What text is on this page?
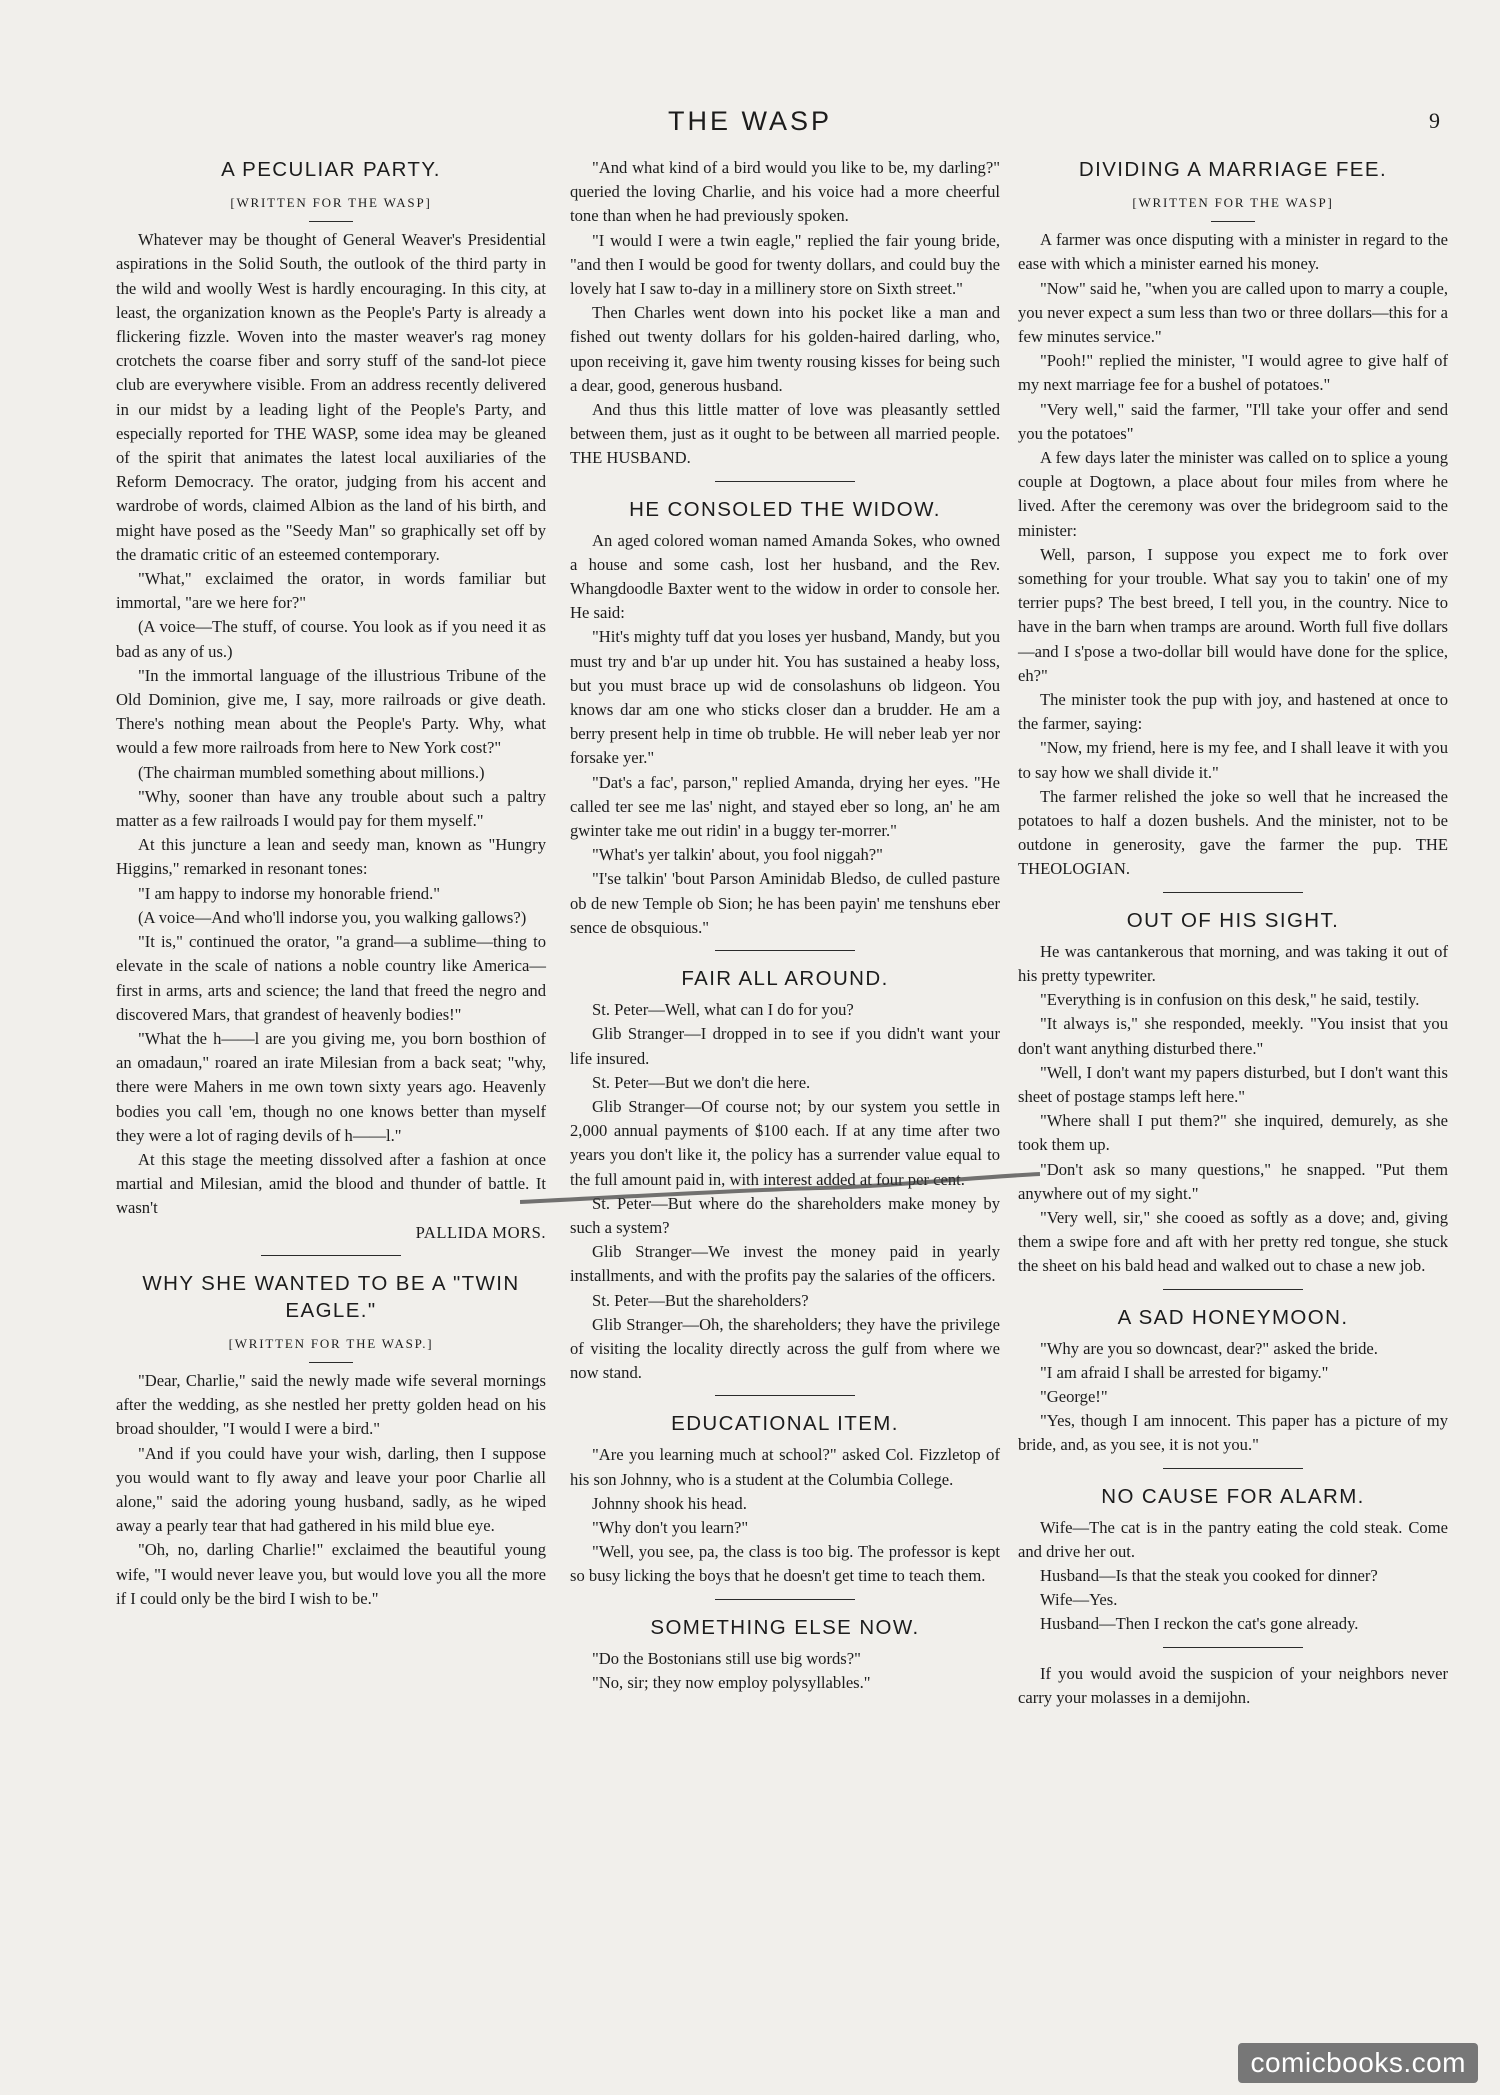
THE WASP	9
A PECULIAR PARTY.
[WRITTEN FOR THE WASP]

Whatever may be thought of General Weaver's Presidential aspirations in the Solid South, the outlook of the third party in the wild and woolly West is hardly encouraging. In this city, at least, the organization known as the People's Party is already a flickering fizzle. Woven into the master weaver's rag money crotchets the coarse fiber and sorry stuff of the sand-lot piece club are everywhere visible. From an address recently delivered in our midst by a leading light of the People's Party, and especially reported for THE WASP, some idea may be gleaned of the spirit that animates the latest local auxiliaries of the Reform Democracy. The orator, judging from his accent and wardrobe of words, claimed Albion as the land of his birth, and might have posed as the "Seedy Man" so graphically set off by the dramatic critic of an esteemed contemporary.

"What," exclaimed the orator, in words familiar but immortal, "are we here for?"

(A voice—The stuff, of course. You look as if you need it as bad as any of us.)

"In the immortal language of the illustrious Tribune of the Old Dominion, give me, I say, more railroads or give death. There's nothing mean about the People's Party. Why, what would a few more railroads from here to New York cost?"

(The chairman mumbled something about millions.)

"Why, sooner than have any trouble about such a paltry matter as a few railroads I would pay for them myself."

At this juncture a lean and seedy man, known as "Hungry Higgins," remarked in resonant tones:

"I am happy to indorse my honorable friend."

(A voice—And who'll indorse you, you walking gallows?)

"It is," continued the orator, "a grand—a sublime—thing to elevate in the scale of nations a noble country like America—first in arms, arts and science; the land that freed the negro and discovered Mars, that grandest of heavenly bodies!"

"What the h——l are you giving me, you born bosthion of an omadaun," roared an irate Milesian from a back seat; "why, there were Mahers in me own town sixty years ago. Heavenly bodies you call 'em, though no one knows better than myself they were a lot of raging devils of h——l."

At this stage the meeting dissolved after a fashion at once martial and Milesian, amid the blood and thunder of battle. It wasn't

PALLIDA MORS.

WHY SHE WANTED TO BE A "TWIN EAGLE."
[WRITTEN FOR THE WASP.]

"Dear, Charlie," said the newly made wife several mornings after the wedding, as she nestled her pretty golden head on his broad shoulder, "I would I were a bird."

"And if you could have your wish, darling, then I suppose you would want to fly away and leave your poor Charlie all alone," said the adoring young husband, sadly, as he wiped away a pearly tear that had gathered in his mild blue eye.

"Oh, no, darling Charlie!" exclaimed the beautiful young wife, "I would never leave you, but would love you all the more if I could only be the bird I wish to be."

"And what kind of a bird would you like to be, my darling?" queried the loving Charlie, and his voice had a more cheerful tone than when he had previously spoken.

"I would I were a twin eagle," replied the fair young bride, "and then I would be good for twenty dollars, and could buy the lovely hat I saw to-day in a millinery store on Sixth street."

Then Charles went down into his pocket like a man and fished out twenty dollars for his golden-haired darling, who, upon receiving it, gave him twenty rousing kisses for being such a dear, good, generous husband.

And thus this little matter of love was pleasantly settled between them, just as it ought to be between all married people. THE HUSBAND.

HE CONSOLED THE WIDOW.

An aged colored woman named Amanda Sokes, who owned a house and some cash, lost her husband, and the Rev. Whangdoodle Baxter went to the widow in order to console her. He said:

"Hit's mighty tuff dat you loses yer husband, Mandy, but you must try and b'ar up under hit. You has sustained a heaby loss, but you must brace up wid de consolashuns ob lidgeon. You knows dar am one who sticks closer dan a brudder. He am a berry present help in time ob trubble. He will neber leab yer nor forsake yer."

"Dat's a fac', parson," replied Amanda, drying her eyes. "He called ter see me las' night, and stayed eber so long, an' he am gwinter take me out ridin' in a buggy ter-morrer."

"What's yer talkin' about, you fool niggah?"

"I'se talkin' 'bout Parson Aminidab Bledso, de culled pasture ob de new Temple ob Sion; he has been payin' me tenshuns eber sence de obsquious."

FAIR ALL AROUND.

St. Peter—Well, what can I do for you?

Glib Stranger—I dropped in to see if you didn't want your life insured.

St. Peter—But we don't die here.

Glib Stranger—Of course not; by our system you settle in 2,000 annual payments of $100 each. If at any time after two years you don't like it, the policy has a surrender value equal to the full amount paid in, with interest added at four per cent.

St. Peter—But where do the shareholders make money by such a system?

Glib Stranger—We invest the money paid in yearly installments, and with the profits pay the salaries of the officers.

St. Peter—But the shareholders?

Glib Stranger—Oh, the shareholders; they have the privilege of visiting the locality directly across the gulf from where we now stand.

EDUCATIONAL ITEM.

"Are you learning much at school?" asked Col. Fizzletop of his son Johnny, who is a student at the Columbia College.

Johnny shook his head.

"Why don't you learn?"

"Well, you see, pa, the class is too big. The professor is kept so busy licking the boys that he doesn't get time to teach them.

SOMETHING ELSE NOW.

"Do the Bostonians still use big words?"

"No, sir; they now employ polysyllables."

DIVIDING A MARRIAGE FEE.
[WRITTEN FOR THE WASP]

A farmer was once disputing with a minister in regard to the ease with which a minister earned his money.

"Now" said he, "when you are called upon to marry a couple, you never expect a sum less than two or three dollars—this for a few minutes service."

"Pooh!" replied the minister, "I would agree to give half of my next marriage fee for a bushel of potatoes."

"Very well," said the farmer, "I'll take your offer and send you the potatoes"

A few days later the minister was called on to splice a young couple at Dogtown, a place about four miles from where he lived. After the ceremony was over the bridegroom said to the minister:

Well, parson, I suppose you expect me to fork over something for your trouble. What say you to takin' one of my terrier pups? The best breed, I tell you, in the country. Nice to have in the barn when tramps are around. Worth full five dollars—and I s'pose a two-dollar bill would have done for the splice, eh?"

The minister took the pup with joy, and hastened at once to the farmer, saying:

"Now, my friend, here is my fee, and I shall leave it with you to say how we shall divide it."

The farmer relished the joke so well that he increased the potatoes to half a dozen bushels. And the minister, not to be outdone in generosity, gave the farmer the pup. THE THEOLOGIAN.

OUT OF HIS SIGHT.

He was cantankerous that morning, and was taking it out of his pretty typewriter.

"Everything is in confusion on this desk," he said, testily.

"It always is," she responded, meekly. "You insist that you don't want anything disturbed there."

"Well, I don't want my papers disturbed, but I don't want this sheet of postage stamps left here."

"Where shall I put them?" she inquired, demurely, as she took them up.

"Don't ask so many questions," he snapped. "Put them anywhere out of my sight."

"Very well, sir," she cooed as softly as a dove; and, giving them a swipe fore and aft with her pretty red tongue, she stuck the sheet on his bald head and walked out to chase a new job.

A SAD HONEYMOON.

"Why are you so downcast, dear?" asked the bride.

"I am afraid I shall be arrested for bigamy."

"George!"

"Yes, though I am innocent. This paper has a picture of my bride, and, as you see, it is not you."

NO CAUSE FOR ALARM.

Wife—The cat is in the pantry eating the cold steak. Come and drive her out.

Husband—Is that the steak you cooked for dinner?

Wife—Yes.

Husband—Then I reckon the cat's gone already.

If you would avoid the suspicion of your neighbors never carry your molasses in a demijohn.

comicbooks.com
